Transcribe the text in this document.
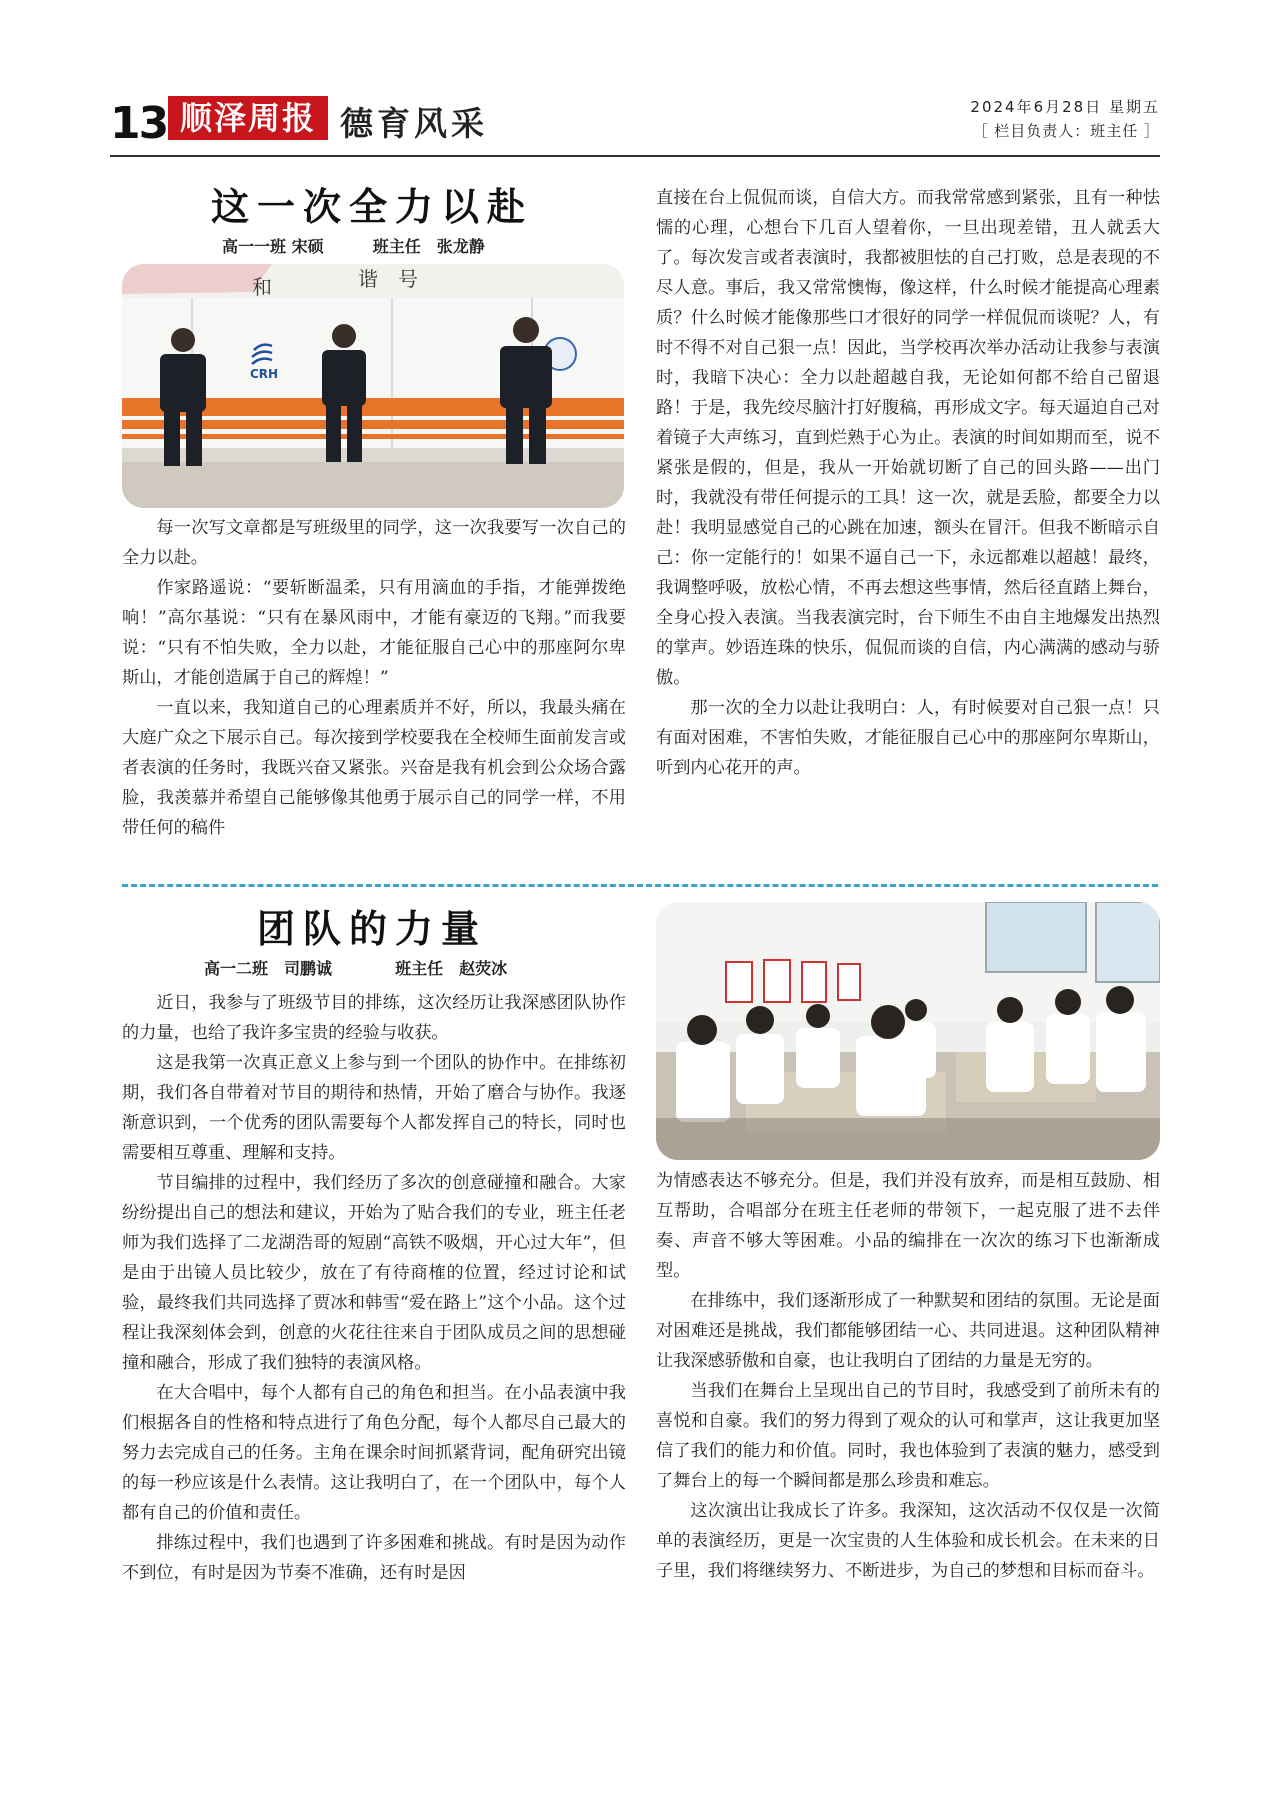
13 顺泽周报 德育风采	2024年6月28日 星期五
［ 栏目负责人：班主任 ］
这一次全力以赴
高一一班 宋硕	班主任　张龙静
和	谐　号
CRH

每一次写文章都是写班级里的同学，这一次我要写一次自己的全力以赴。

作家路遥说：“要斩断温柔，只有用滴血的手指，才能弹拨绝响！”高尔基说：“只有在暴风雨中，才能有豪迈的飞翔。”而我要说：“只有不怕失败，全力以赴，才能征服自己心中的那座阿尔卑斯山，才能创造属于自己的辉煌！”

一直以来，我知道自己的心理素质并不好，所以，我最头痛在大庭广众之下展示自己。每次接到学校要我在全校师生面前发言或者表演的任务时，我既兴奋又紧张。兴奋是我有机会到公众场合露脸，我羡慕并希望自己能够像其他勇于展示自己的同学一样，不用带任何的稿件

直接在台上侃侃而谈，自信大方。而我常常感到紧张，且有一种怯懦的心理，心想台下几百人望着你，一旦出现差错，丑人就丢大了。每次发言或者表演时，我都被胆怯的自己打败，总是表现的不尽人意。事后，我又常常懊悔，像这样，什么时候才能提高心理素质？什么时候才能像那些口才很好的同学一样侃侃而谈呢？人，有时不得不对自己狠一点！因此，当学校再次举办活动让我参与表演时，我暗下决心：全力以赴超越自我，无论如何都不给自己留退路！于是，我先绞尽脑汁打好腹稿，再形成文字。每天逼迫自己对着镜子大声练习，直到烂熟于心为止。表演的时间如期而至，说不紧张是假的，但是，我从一开始就切断了自己的回头路——出门时，我就没有带任何提示的工具！这一次，就是丢脸，都要全力以赴！我明显感觉自己的心跳在加速，额头在冒汗。但我不断暗示自己：你一定能行的！如果不逼自己一下，永远都难以超越！最终，我调整呼吸，放松心情，不再去想这些事情，然后径直踏上舞台，全身心投入表演。当我表演完时，台下师生不由自主地爆发出热烈的掌声。妙语连珠的快乐，侃侃而谈的自信，内心满满的感动与骄傲。

那一次的全力以赴让我明白：人，有时候要对自己狠一点！只有面对困难，不害怕失败，才能征服自己心中的那座阿尔卑斯山，听到内心花开的声。

团队的力量
高一二班　司鹏诚	班主任　赵荧冰

近日，我参与了班级节目的排练，这次经历让我深感团队协作的力量，也给了我许多宝贵的经验与收获。

这是我第一次真正意义上参与到一个团队的协作中。在排练初期，我们各自带着对节目的期待和热情，开始了磨合与协作。我逐渐意识到，一个优秀的团队需要每个人都发挥自己的特长，同时也需要相互尊重、理解和支持。

节目编排的过程中，我们经历了多次的创意碰撞和融合。大家纷纷提出自己的想法和建议，开始为了贴合我们的专业，班主任老师为我们选择了二龙湖浩哥的短剧“高铁不吸烟，开心过大年”，但是由于出镜人员比较少，放在了有待商榷的位置，经过讨论和试验，最终我们共同选择了贾冰和韩雪“爱在路上”这个小品。这个过程让我深刻体会到，创意的火花往往来自于团队成员之间的思想碰撞和融合，形成了我们独特的表演风格。

在大合唱中，每个人都有自己的角色和担当。在小品表演中我们根据各自的性格和特点进行了角色分配，每个人都尽自己最大的努力去完成自己的任务。主角在课余时间抓紧背词，配角研究出镜的每一秒应该是什么表情。这让我明白了，在一个团队中，每个人都有自己的价值和责任。

排练过程中，我们也遇到了许多困难和挑战。有时是因为动作不到位，有时是因为节奏不准确，还有时是因

为情感表达不够充分。但是，我们并没有放弃，而是相互鼓励、相互帮助，合唱部分在班主任老师的带领下，一起克服了进不去伴奏、声音不够大等困难。小品的编排在一次次的练习下也渐渐成型。

在排练中，我们逐渐形成了一种默契和团结的氛围。无论是面对困难还是挑战，我们都能够团结一心、共同进退。这种团队精神让我深感骄傲和自豪，也让我明白了团结的力量是无穷的。

当我们在舞台上呈现出自己的节目时，我感受到了前所未有的喜悦和自豪。我们的努力得到了观众的认可和掌声，这让我更加坚信了我们的能力和价值。同时，我也体验到了表演的魅力，感受到了舞台上的每一个瞬间都是那么珍贵和难忘。

这次演出让我成长了许多。我深知，这次活动不仅仅是一次简单的表演经历，更是一次宝贵的人生体验和成长机会。在未来的日子里，我们将继续努力、不断进步，为自己的梦想和目标而奋斗。
